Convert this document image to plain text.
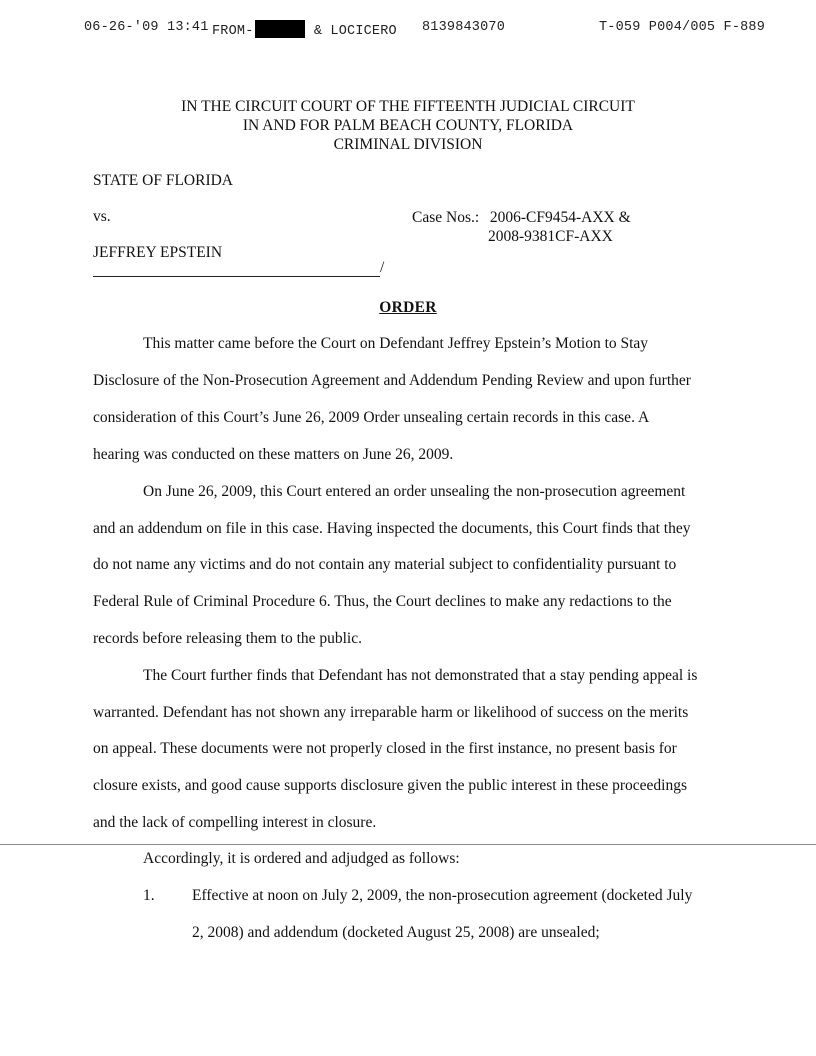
06-26-'09 13:41 FROM-	& LOCICERO 8139843070	T-059 P004/005 F-889
IN THE CIRCUIT COURT OF THE FIFTEENTH JUDICIAL CIRCUIT
IN AND FOR PALM BEACH COUNTY, FLORIDA
CRIMINAL DIVISION
STATE OF FLORIDA
vs.
JEFFREY EPSTEIN
Case Nos.: 2006-CF9454-AXX &
2008-9381CF-AXX
/
ORDER
This matter came before the Court on Defendant Jeffrey Epstein’s Motion to Stay
Disclosure of the Non-Prosecution Agreement and Addendum Pending Review and upon further
consideration of this Court’s June 26, 2009 Order unsealing certain records in this case. A
hearing was conducted on these matters on June 26, 2009.
On June 26, 2009, this Court entered an order unsealing the non-prosecution agreement
and an addendum on file in this case. Having inspected the documents, this Court finds that they
do not name any victims and do not contain any material subject to confidentiality pursuant to
Federal Rule of Criminal Procedure 6. Thus, the Court declines to make any redactions to the
records before releasing them to the public.
The Court further finds that Defendant has not demonstrated that a stay pending appeal is
warranted. Defendant has not shown any irreparable harm or likelihood of success on the merits
on appeal. These documents were not properly closed in the first instance, no present basis for
closure exists, and good cause supports disclosure given the public interest in these proceedings
and the lack of compelling interest in closure.
Accordingly, it is ordered and adjudged as follows:
1. Effective at noon on July 2, 2009, the non-prosecution agreement (docketed July
2, 2008) and addendum (docketed August 25, 2008) are unsealed;
